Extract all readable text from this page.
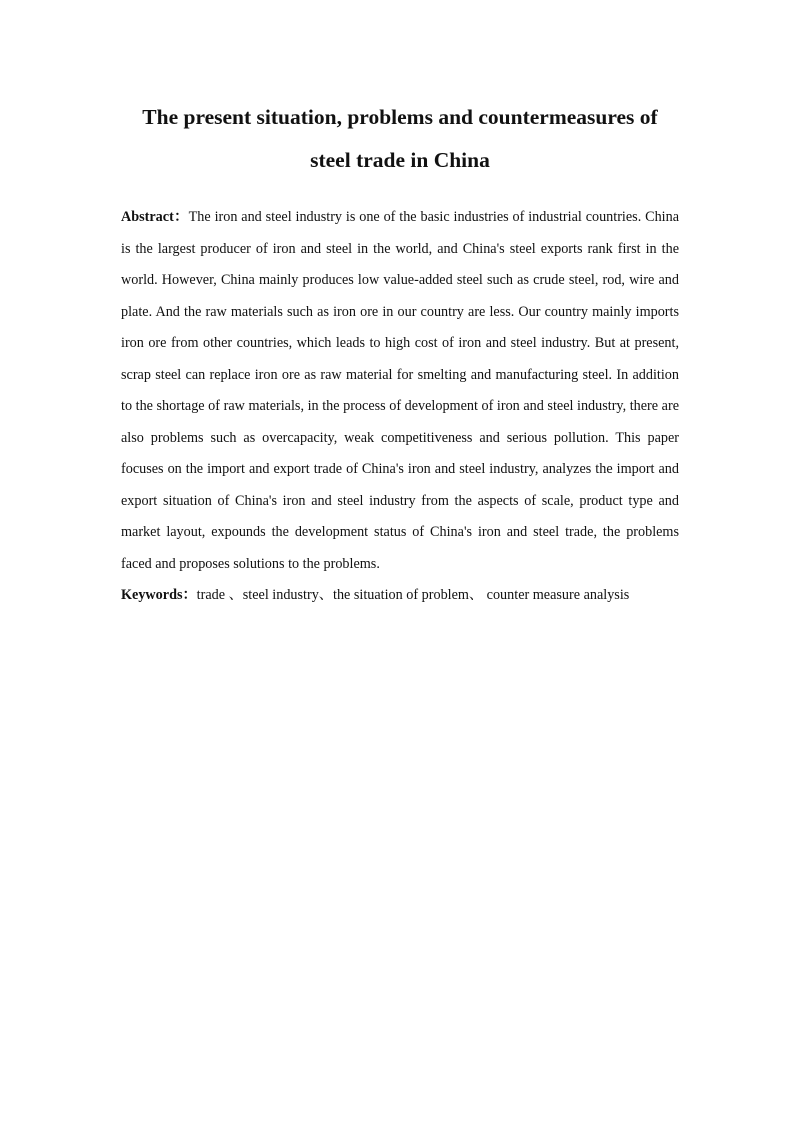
The present situation, problems and countermeasures of
steel trade in China

Abstract：The iron and steel industry is one of the basic industries of industrial countries. China is the largest producer of iron and steel in the world, and China's steel exports rank first in the world. However, China mainly produces low value-added steel such as crude steel, rod, wire and plate. And the raw materials such as iron ore in our country are less. Our country mainly imports iron ore from other countries, which leads to high cost of iron and steel industry. But at present, scrap steel can replace iron ore as raw material for smelting and manufacturing steel. In addition to the shortage of raw materials, in the process of development of iron and steel industry, there are also problems such as overcapacity, weak competitiveness and serious pollution. This paper focuses on the import and export trade of China's iron and steel industry, analyzes the import and export situation of China's iron and steel industry from the aspects of scale, product type and market layout, expounds the development status of China's iron and steel trade, the problems faced and proposes solutions to the problems.

Keywords：trade 、steel industry、the situation of problem、 counter measure analysis
